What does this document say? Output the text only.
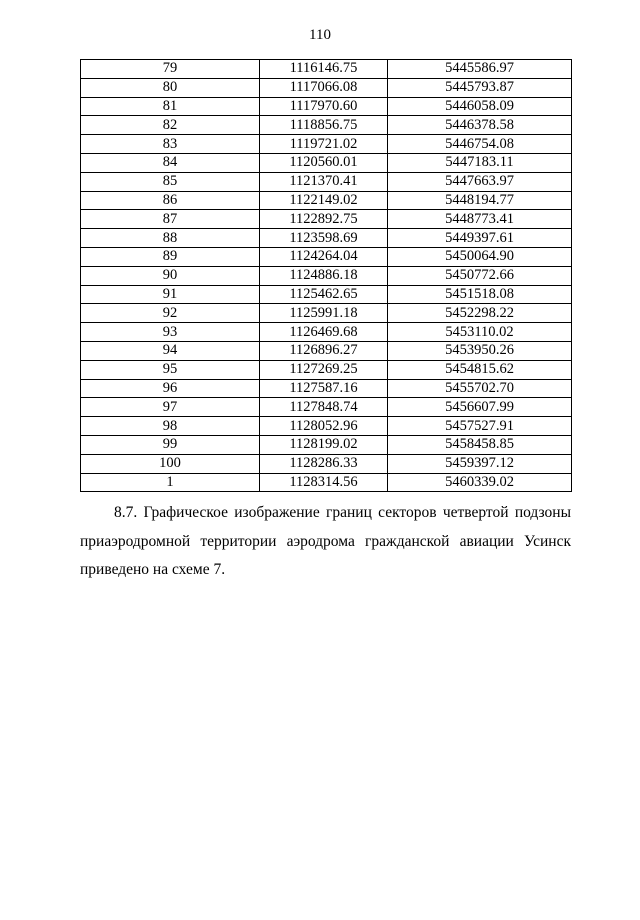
110
79	1116146.75	5445586.97
80	1117066.08	5445793.87
81	1117970.60	5446058.09
82	1118856.75	5446378.58
83	1119721.02	5446754.08
84	1120560.01	5447183.11
85	1121370.41	5447663.97
86	1122149.02	5448194.77
87	1122892.75	5448773.41
88	1123598.69	5449397.61
89	1124264.04	5450064.90
90	1124886.18	5450772.66
91	1125462.65	5451518.08
92	1125991.18	5452298.22
93	1126469.68	5453110.02
94	1126896.27	5453950.26
95	1127269.25	5454815.62
96	1127587.16	5455702.70
97	1127848.74	5456607.99
98	1128052.96	5457527.91
99	1128199.02	5458458.85
100	1128286.33	5459397.12
1	1128314.56	5460339.02
8.7. Графическое изображение границ секторов четвертой подзоны приаэродромной территории аэродрома гражданской авиации Усинск приведено на схеме 7.
